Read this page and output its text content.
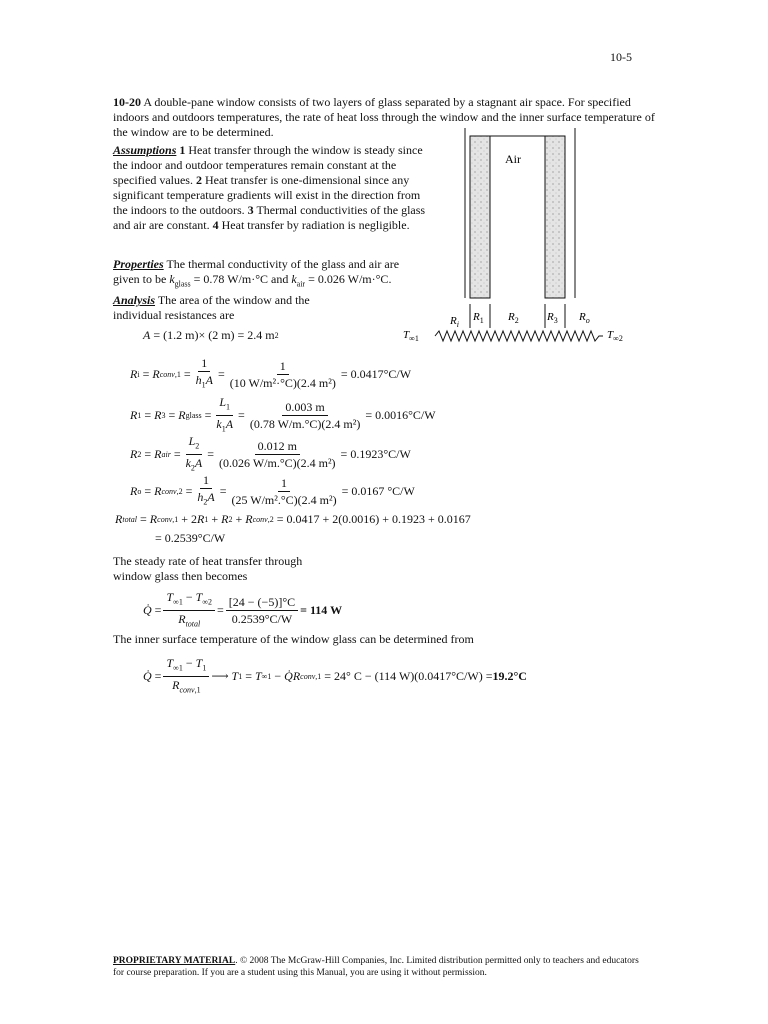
10-5
10-20 A double-pane window consists of two layers of glass separated by a stagnant air space. For specified indoors and outdoors temperatures, the rate of heat loss through the window and the inner surface temperature of the window are to be determined.
Assumptions 1 Heat transfer through the window is steady since the indoor and outdoor temperatures remain constant at the specified values. 2 Heat transfer is one-dimensional since any significant temperature gradients will exist in the direction from the indoors to the outdoors. 3 Thermal conductivities of the glass and air are constant. 4 Heat transfer by radiation is negligible.
Properties The thermal conductivity of the glass and air are given to be $k_{glass} = 0.78$ W/m·°C and $k_{air} = 0.026$ W/m·°C.
Analysis The area of the window and the individual resistances are
A
= (1.2 m)× (2 m) = 2.4 m 2
Air
$R_i$
$R_1$ $R_2$	$R_3$ $R_o$
$T_{\infty 1}$	$T_{\infty 2}$
R i = R conv,1 = $\frac{1}{h_1A} = \frac{1}{\text{(10 W/m²·°C)(2.4 m²)}} = 0.0417^\circ C/W$
R 1 = R 3 = R glass = $\frac{L_1}{k_1A} = \frac{0.003 m}{\text{(0.78 W/m.°C)(2.4 m²)}} = 0.0016^\circ C/W$
R 2 = R air = $\frac{L_2}{k_2A} = \frac{0.012 m}{\text{(0.026 W/m.°C)(2.4 m²)}} = 0.1923^\circ C/W$
R o = R conv,2 = $\frac{1}{h_2A} = \frac{1}{\text{(25 W/m².°C)(2.4 m²)}} = 0.0167$ °C/W
R total = R conv,1 + 2 R 1 + R 2 + R conv,2
= 0.0417 + 2(0.0016) + 0.1923 + 0.0167
= 0.2539°C/W
The steady rate of heat transfer through window glass then becomes
Q̇ = $\frac{T_{\infty 1} - T_{\infty 2}}{R_{total}} = \frac{[24 - (-5)]^\circ C}{0.2539^\circ C/W} = 114$ W
The inner surface temperature of the window glass can be determined from
Q̇ = $\frac{T_{\infty 1} - T_1}{R_{conv,1}}$ ⟶
T 1 = T ∞1 − Q̇R conv,1
= 24° C − (114 W)(0.0417°C/W) = 19.2°C
PROPRIETARY MATERIAL. © 2008 The McGraw-Hill Companies, Inc. Limited distribution permitted only to teachers and educators for course preparation. If you are a student using this Manual, you are using it without permission.
